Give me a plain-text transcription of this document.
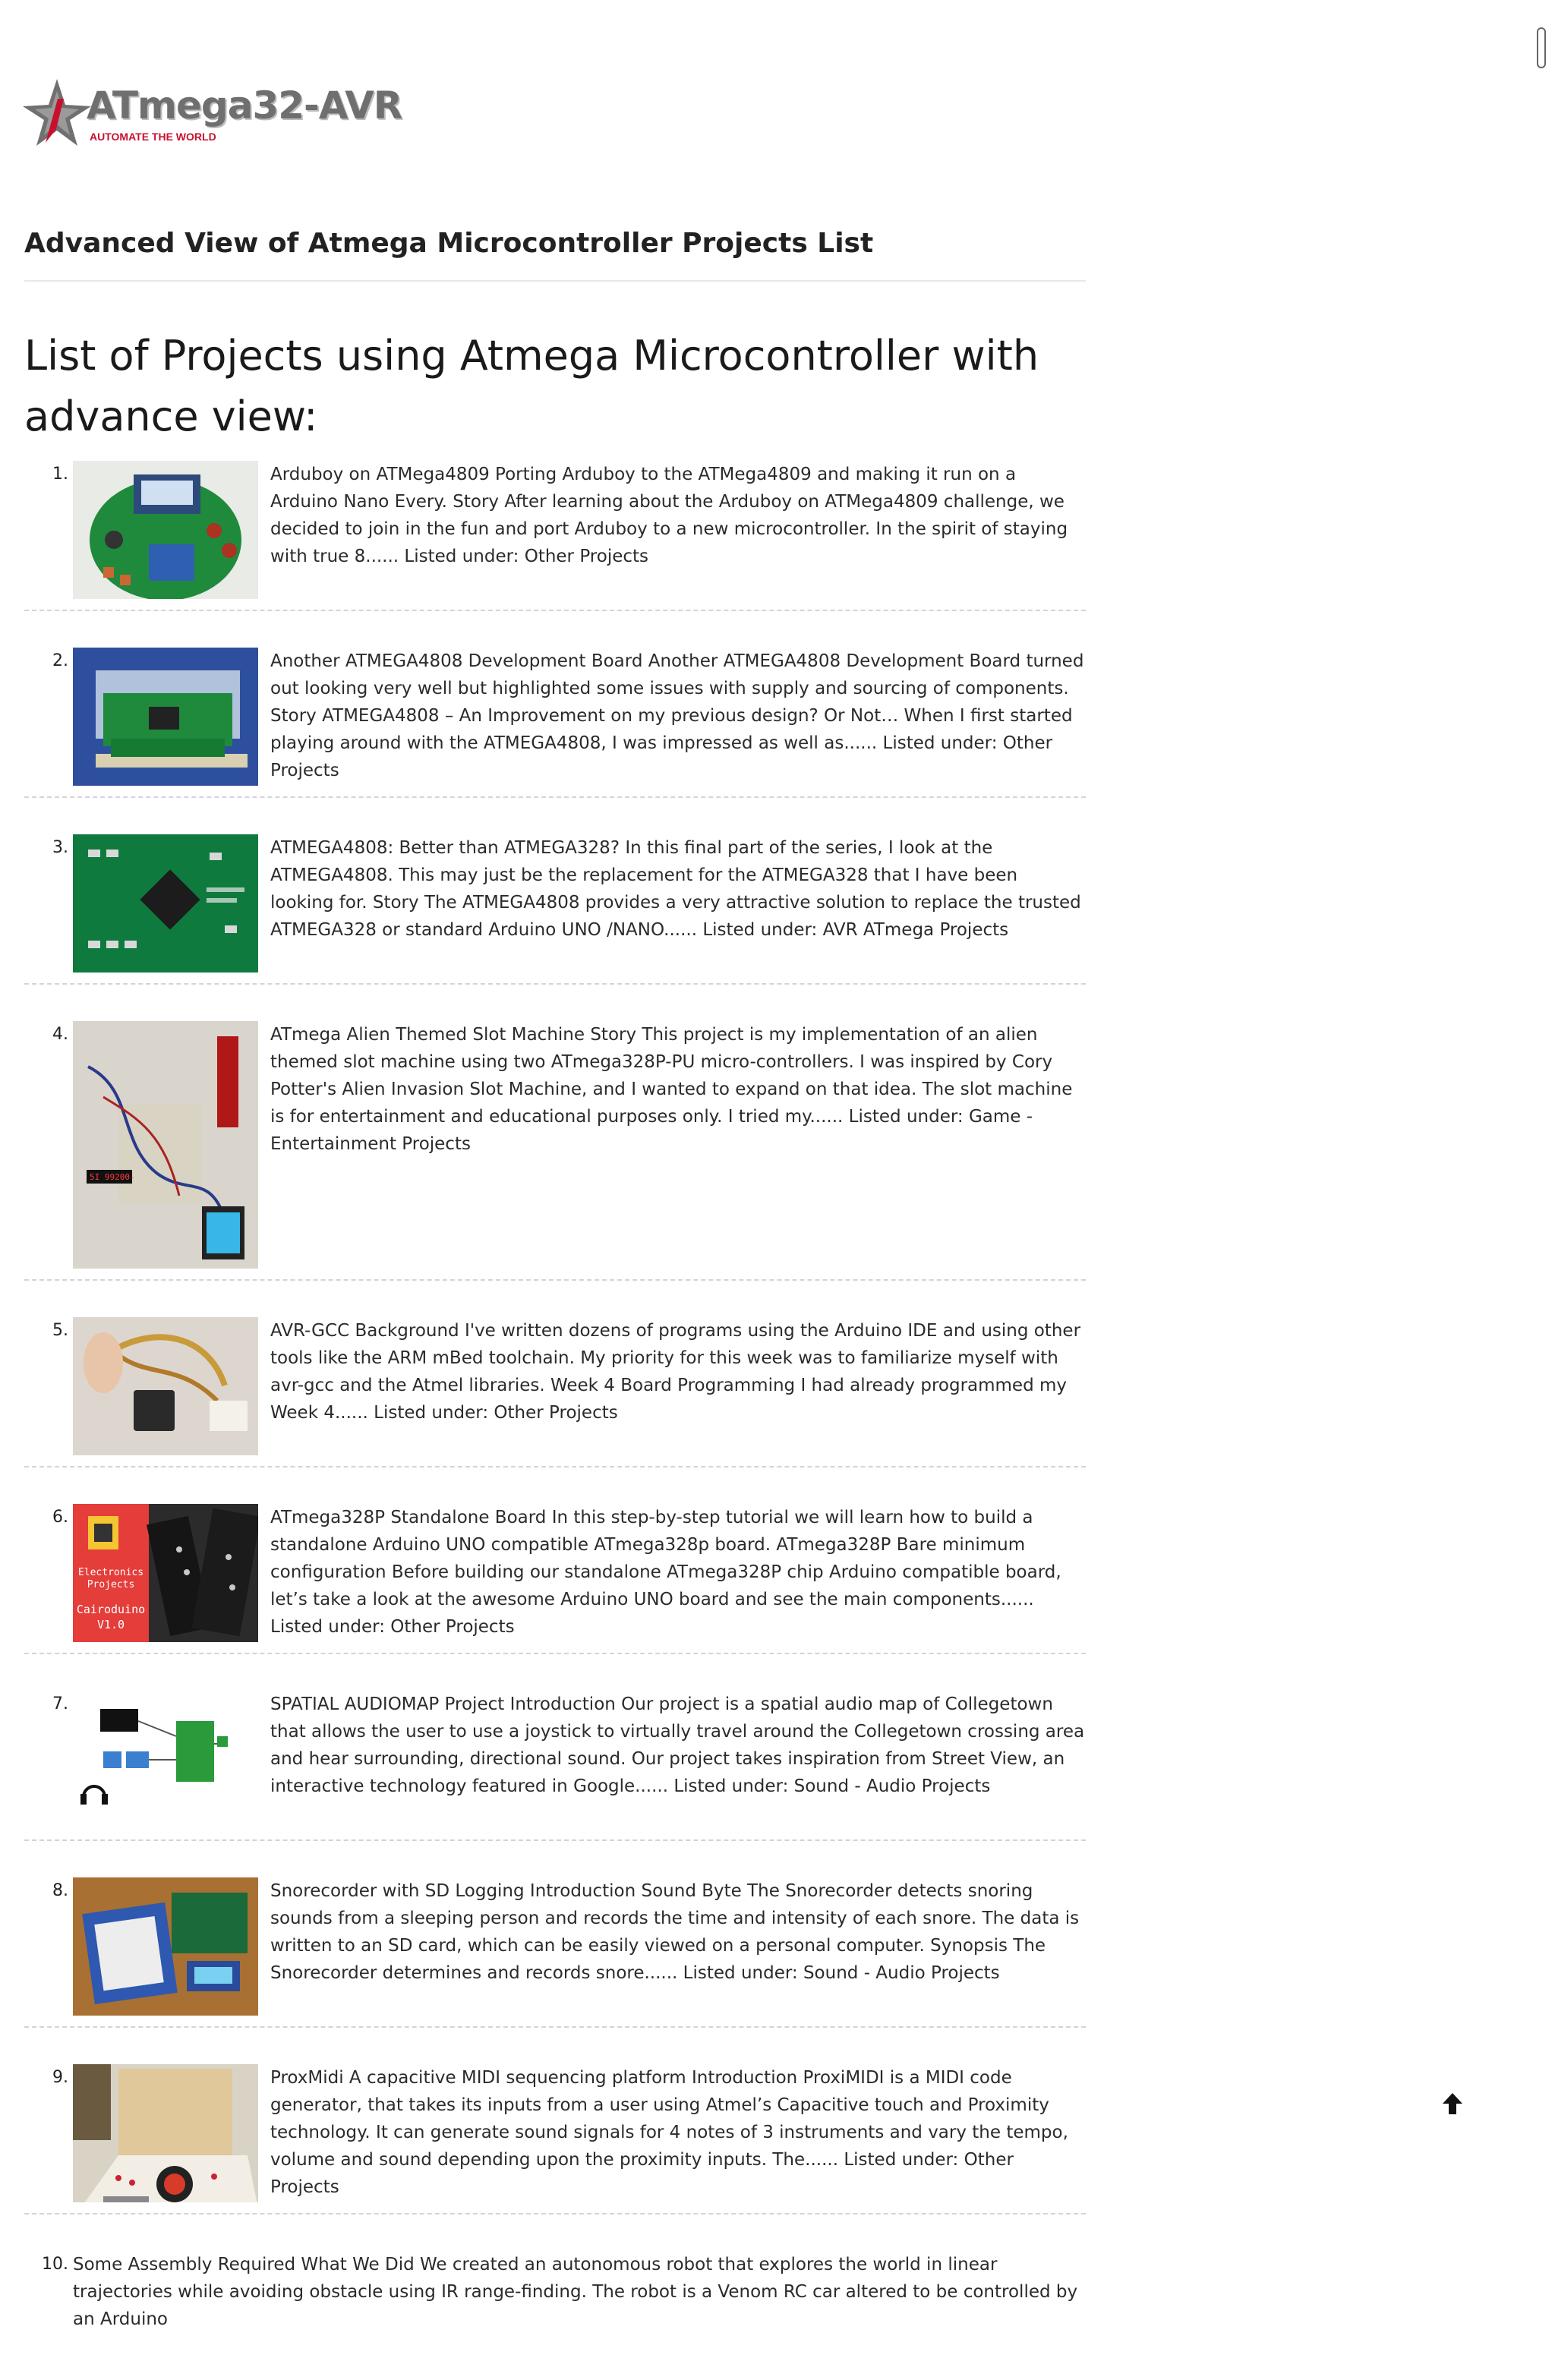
ATmega32-AVR
AUTOMATE THE WORLD
Advanced View of Atmega Microcontroller Projects List
List of Projects using Atmega Microcontroller with advance view:
1.	Arduboy on ATMega4809 Porting Arduboy to the ATMega4809 and making it run on a Arduino Nano Every. Story After learning about the Arduboy on ATMega4809 challenge, we decided to join in the fun and port Arduboy to a new microcontroller. In the spirit of staying with true 8...... Listed under: Other Projects

2.	Another ATMEGA4808 Development Board Another ATMEGA4808 Development Board turned out looking very well but highlighted some issues with supply and sourcing of components. Story ATMEGA4808 – An Improvement on my previous design? Or Not… When I first started playing around with the ATMEGA4808, I was impressed as well as...... Listed under: Other Projects

3.	ATMEGA4808: Better than ATMEGA328? In this final part of the series, I look at the ATMEGA4808. This may just be the replacement for the ATMEGA328 that I have been looking for. Story The ATMEGA4808 provides a very attractive solution to replace the trusted ATMEGA328 or standard Arduino UNO /NANO...... Listed under: AVR ATmega Projects

4.
5I 99200-

ATmega Alien Themed Slot Machine Story This project is my implementation of an alien themed slot machine using two ATmega328P-PU micro-controllers. I was inspired by Cory Potter's Alien Invasion Slot Machine, and I wanted to expand on that idea. The slot machine is for entertainment and educational purposes only. I tried my...... Listed under: Game - Entertainment Projects

5.	AVR-GCC Background I've written dozens of programs using the Arduino IDE and using other tools like the ARM mBed toolchain. My priority for this week was to familiarize myself with avr-gcc and the Atmel libraries. Week 4 Board Programming I had already programmed my Week 4...... Listed under: Other Projects

6.
Electronics
Projects
Cairoduino
V1.0

ATmega328P Standalone Board In this step-by-step tutorial we will learn how to build a standalone Arduino UNO compatible ATmega328p board. ATmega328P Bare minimum configuration Before building our standalone ATmega328P chip Arduino compatible board, let’s take a look at the awesome Arduino UNO board and see the main components...... Listed under: Other Projects

7.	SPATIAL AUDIOMAP Project Introduction Our project is a spatial audio map of Collegetown that allows the user to use a joystick to virtually travel around the Collegetown crossing area and hear surrounding, directional sound. Our project takes inspiration from Street View, an interactive technology featured in Google...... Listed under: Sound - Audio Projects

8.	Snorecorder with SD Logging Introduction Sound Byte The Snorecorder detects snoring sounds from a sleeping person and records the time and intensity of each snore. The data is written to an SD card, which can be easily viewed on a personal computer. Synopsis The Snorecorder determines and records snore...... Listed under: Sound - Audio Projects

9.	ProxMidi A capacitive MIDI sequencing platform Introduction ProxiMIDI is a MIDI code generator, that takes its inputs from a user using Atmel’s Capacitive touch and Proximity technology. It can generate sound signals for 4 notes of 3 instruments and vary the tempo, volume and sound depending upon the proximity inputs. The...... Listed under: Other Projects

10. Some Assembly Required What We Did We created an autonomous robot that explores the world in linear trajectories while avoiding obstacle using IR range-finding. The robot is a Venom RC car altered to be controlled by an Arduino
